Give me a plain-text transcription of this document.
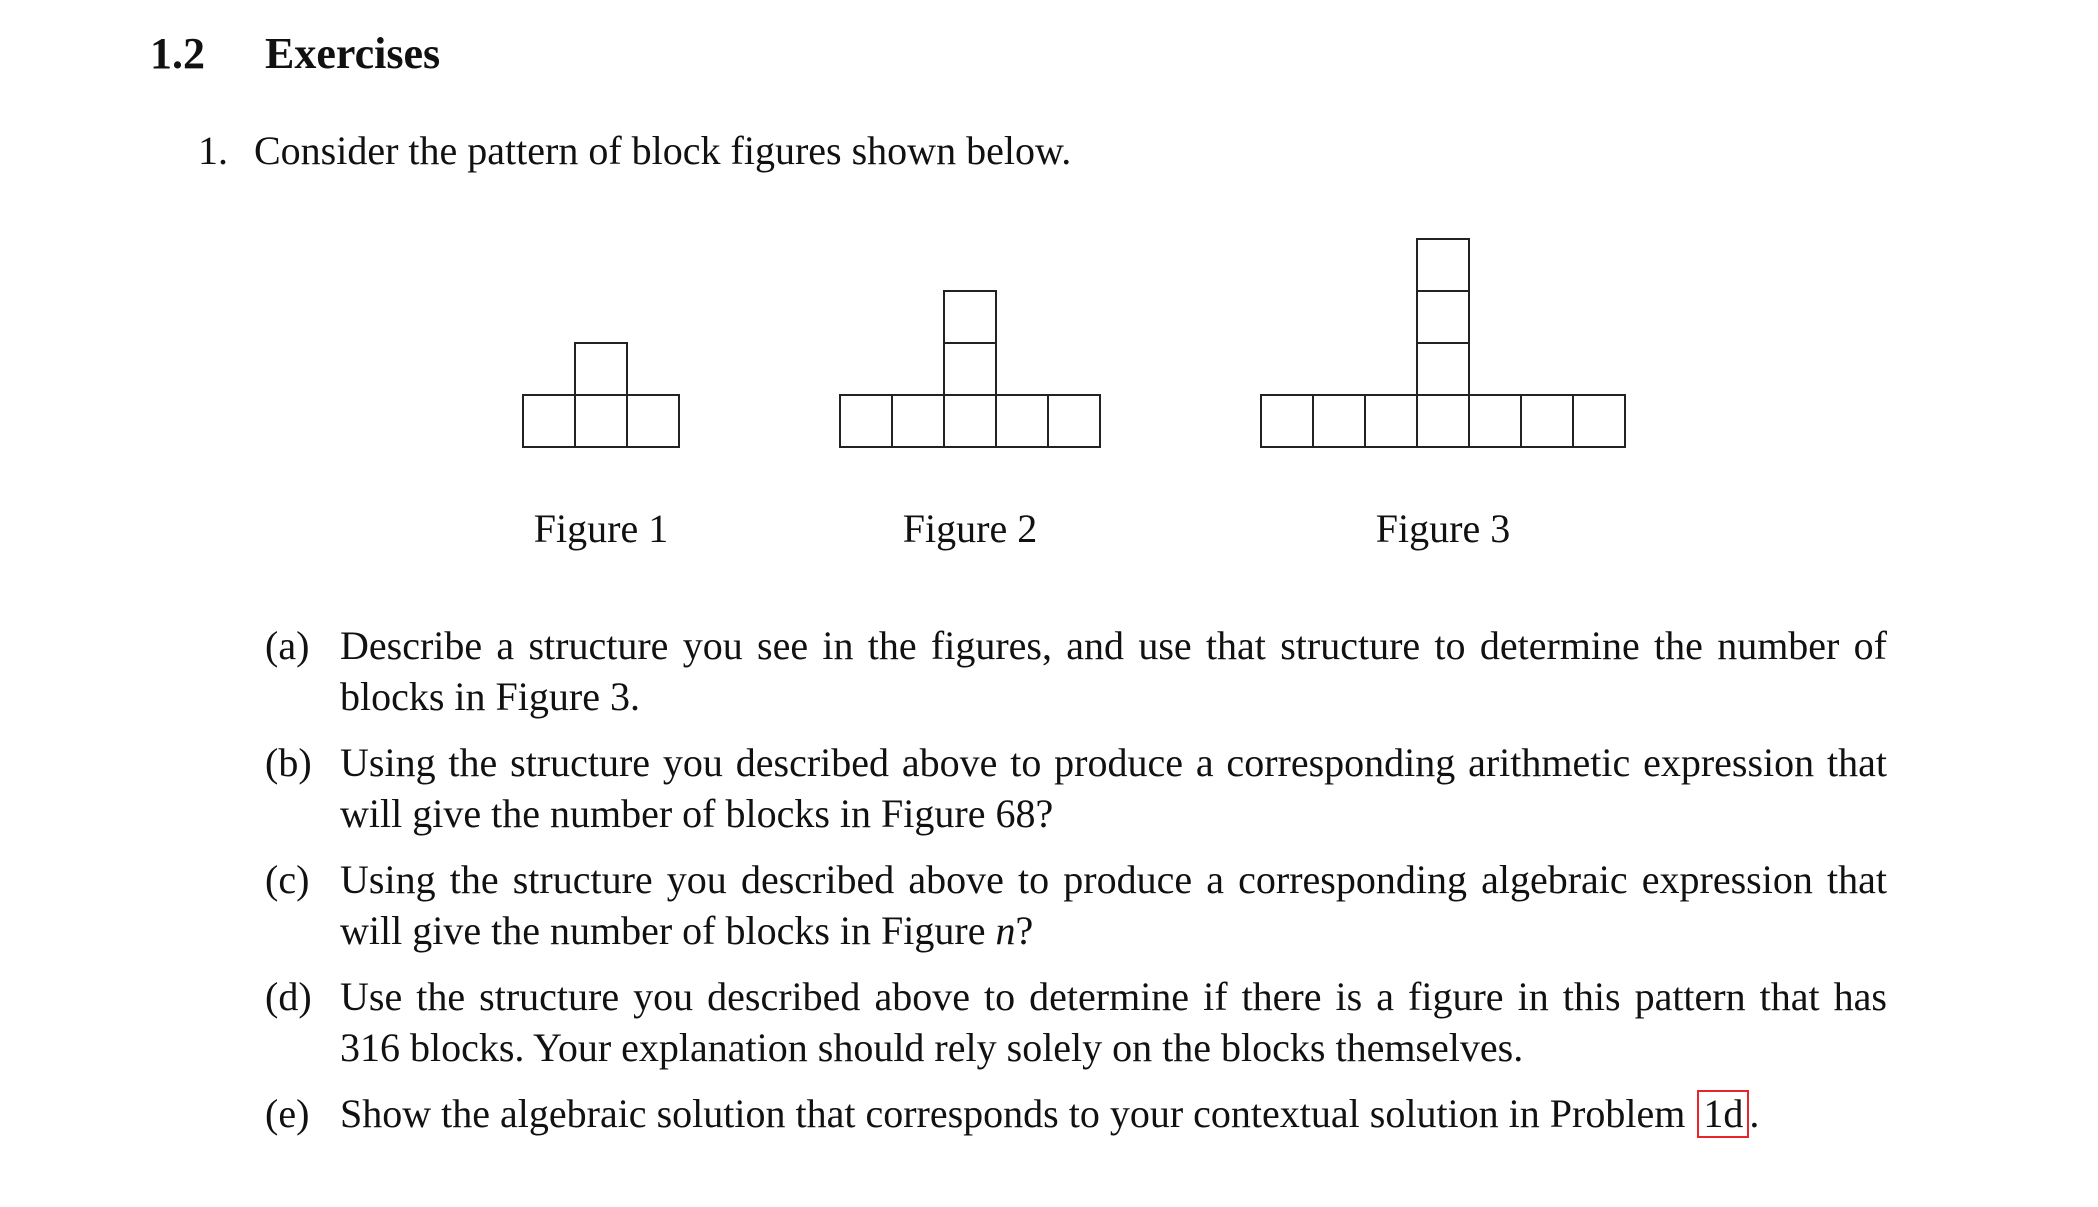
1.2 Exercises
1. Consider the pattern of block figures shown below.
Figure 1	Figure 2	Figure 3
(a) Describe a structure you see in the figures, and use that structure to determine the number of blocks in Figure 3.
(b) Using the structure you described above to produce a corresponding arithmetic expression that will give the number of blocks in Figure 68?
(c) Using the structure you described above to produce a corresponding algebraic expression that will give the number of blocks in Figure n?
(d) Use the structure you described above to determine if there is a figure in this pattern that has 316 blocks. Your explanation should rely solely on the blocks themselves.
(e) Show the algebraic solution that corresponds to your contextual solution in Problem 1d .
